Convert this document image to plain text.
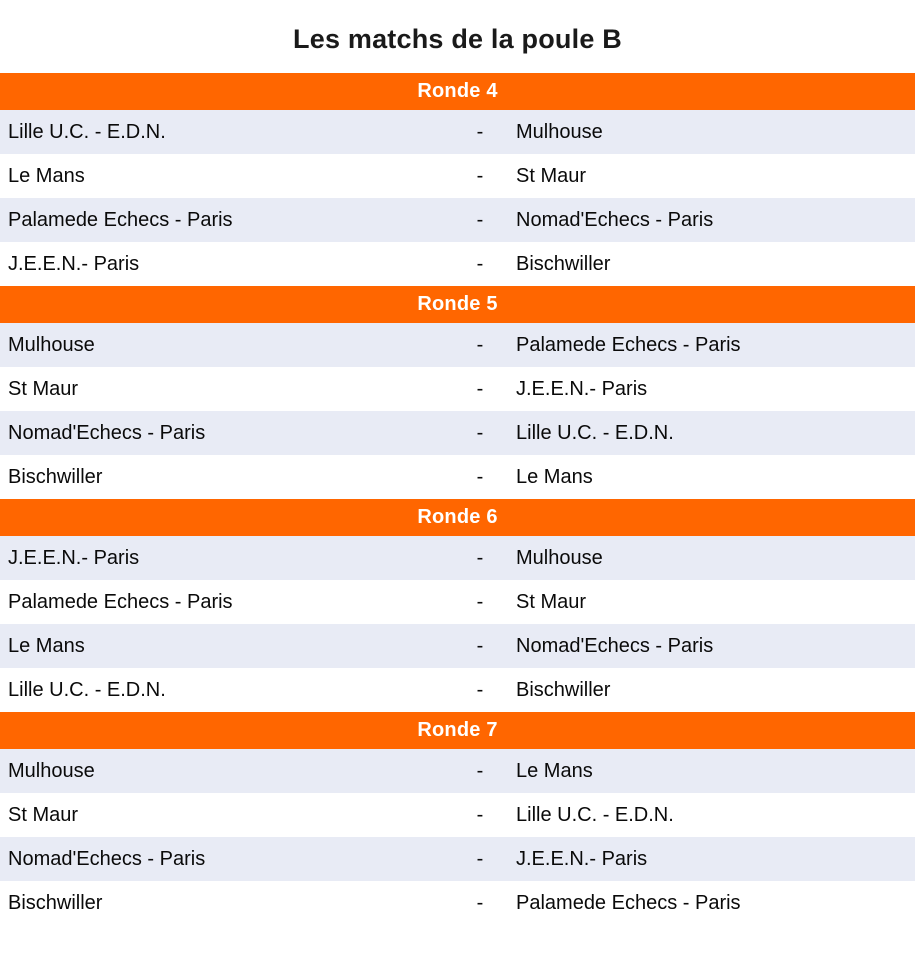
Les matchs de la poule B
Ronde 4
Lille U.C. - E.D.N.	-	Mulhouse
Le Mans	-	St Maur
Palamede Echecs - Paris	-	Nomad'Echecs - Paris
J.E.E.N.- Paris	-	Bischwiller
Ronde 5
Mulhouse	-	Palamede Echecs - Paris
St Maur	-	J.E.E.N.- Paris
Nomad'Echecs - Paris	-	Lille U.C. - E.D.N.
Bischwiller	-	Le Mans
Ronde 6
J.E.E.N.- Paris	-	Mulhouse
Palamede Echecs - Paris	-	St Maur
Le Mans	-	Nomad'Echecs - Paris
Lille U.C. - E.D.N.	-	Bischwiller
Ronde 7
Mulhouse	-	Le Mans
St Maur	-	Lille U.C. - E.D.N.
Nomad'Echecs - Paris	-	J.E.E.N.- Paris
Bischwiller	-	Palamede Echecs - Paris
